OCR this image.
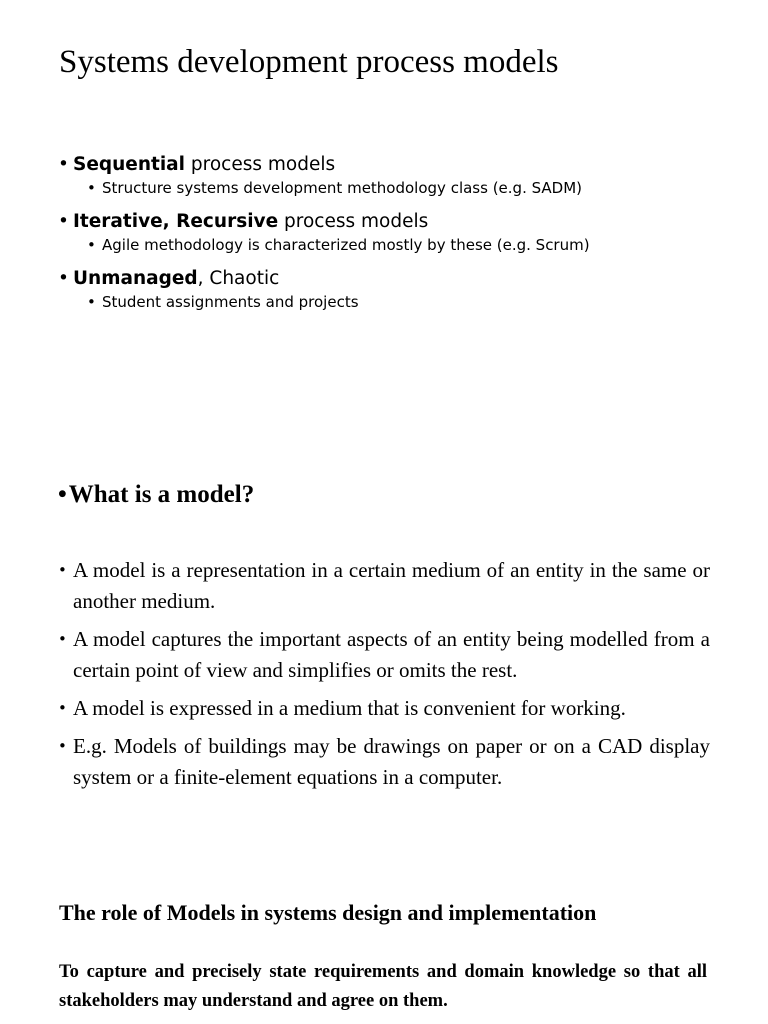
Systems development process models
• Sequential process models
• Structure systems development methodology class (e.g. SADM)
• Iterative, Recursive process models
• Agile methodology is characterized mostly by these (e.g. Scrum)
• Unmanaged, Chaotic
• Student assignments and projects
•What is a model?
• A model is a representation in a certain medium of an entity in the same or another medium.
• A model captures the important aspects of an entity being modelled from a certain point of view and simplifies or omits the rest.
• A model is expressed in a medium that is convenient for working.
• E.g. Models of buildings may be drawings on paper or on a CAD display system or a finite-element equations in a computer.
The role of Models in systems design and implementation

To capture and precisely state requirements and domain knowledge so that all stakeholders may understand and agree on them.
